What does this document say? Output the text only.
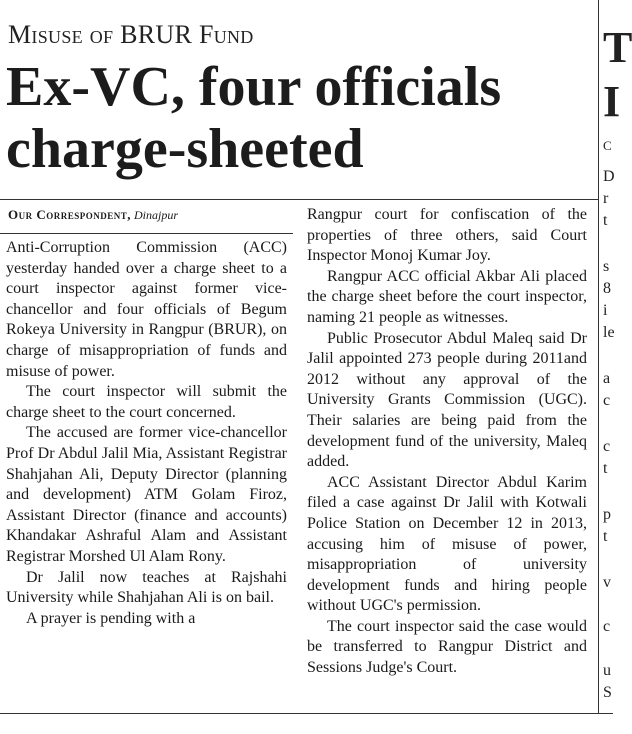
Misuse of BRUR Fund
Ex-VC, four officials charge-sheeted
Our Correspondent, Dinajpur

Anti-Corruption Commission (ACC) yesterday handed over a charge sheet to a court inspector against former vice-chancellor and four officials of Begum Rokeya University in Rangpur (BRUR), on charge of misappropriation of funds and misuse of power.

The court inspector will submit the charge sheet to the court concerned.

The accused are former vice-chancellor Prof Dr Abdul Jalil Mia, Assistant Registrar Shahjahan Ali, Deputy Director (planning and development) ATM Golam Firoz, Assistant Director (finance and accounts) Khandakar Ashraful Alam and Assistant Registrar Morshed Ul Alam Rony.

Dr Jalil now teaches at Rajshahi University while Shahjahan Ali is on bail.

A prayer is pending with a

Rangpur court for confiscation of the properties of three others, said Court Inspector Monoj Kumar Joy.

Rangpur ACC official Akbar Ali placed the charge sheet before the court inspector, naming 21 people as witnesses.

Public Prosecutor Abdul Maleq said Dr Jalil appointed 273 people during 2011and 2012 without any approval of the University Grants Commission (UGC). Their salaries are being paid from the development fund of the university, Maleq added.

ACC Assistant Director Abdul Karim filed a case against Dr Jalil with Kotwali Police Station on December 12 in 2013, accusing him of misuse of power, misappropriation of university development funds and hiring people without UGC's permission.

The court inspector said the case would be transferred to Rangpur District and Sessions Judge's Court.

T
I
C
D
r
t
s
8
i
le
a
c
c
t
p
t
v
c
u
S
